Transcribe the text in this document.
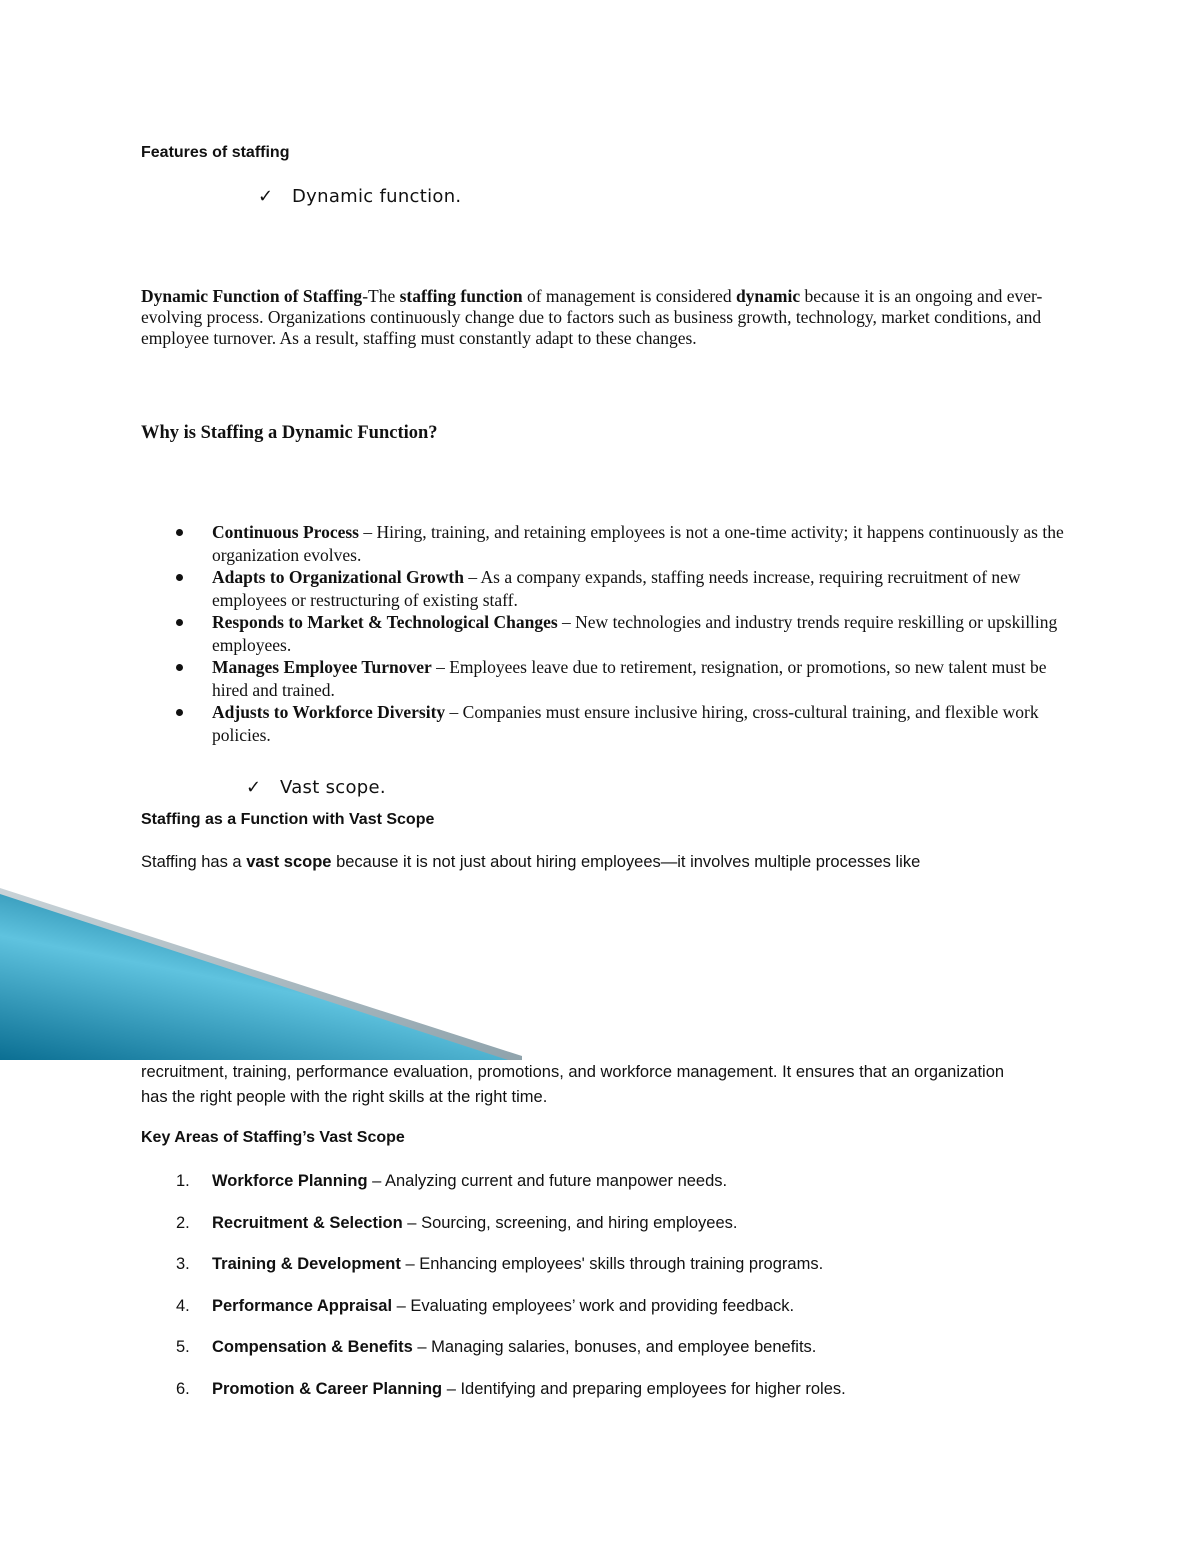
Features of staffing
✓ Dynamic function.
Dynamic Function of Staffing-The staffing function of management is considered dynamic because it is an ongoing and ever-evolving process. Organizations continuously change due to factors such as business growth, technology, market conditions, and employee turnover. As a result, staffing must constantly adapt to these changes.
Why is Staffing a Dynamic Function?
Continuous Process – Hiring, training, and retaining employees is not a one-time activity; it happens continuously as the organization evolves.
Adapts to Organizational Growth – As a company expands, staffing needs increase, requiring recruitment of new employees or restructuring of existing staff.
Responds to Market & Technological Changes – New technologies and industry trends require reskilling or upskilling employees.
Manages Employee Turnover – Employees leave due to retirement, resignation, or promotions, so new talent must be hired and trained.
Adjusts to Workforce Diversity – Companies must ensure inclusive hiring, cross-cultural training, and flexible work policies.
✓ Vast scope.
Staffing as a Function with Vast Scope
Staffing has a vast scope because it is not just about hiring employees—it involves multiple processes like
recruitment, training, performance evaluation, promotions, and workforce management. It ensures that an organization has the right people with the right skills at the right time.
Key Areas of Staffing’s Vast Scope
1. Workforce Planning – Analyzing current and future manpower needs.
2. Recruitment & Selection – Sourcing, screening, and hiring employees.
3. Training & Development – Enhancing employees' skills through training programs.
4. Performance Appraisal – Evaluating employees’ work and providing feedback.
5. Compensation & Benefits – Managing salaries, bonuses, and employee benefits.
6. Promotion & Career Planning – Identifying and preparing employees for higher roles.
